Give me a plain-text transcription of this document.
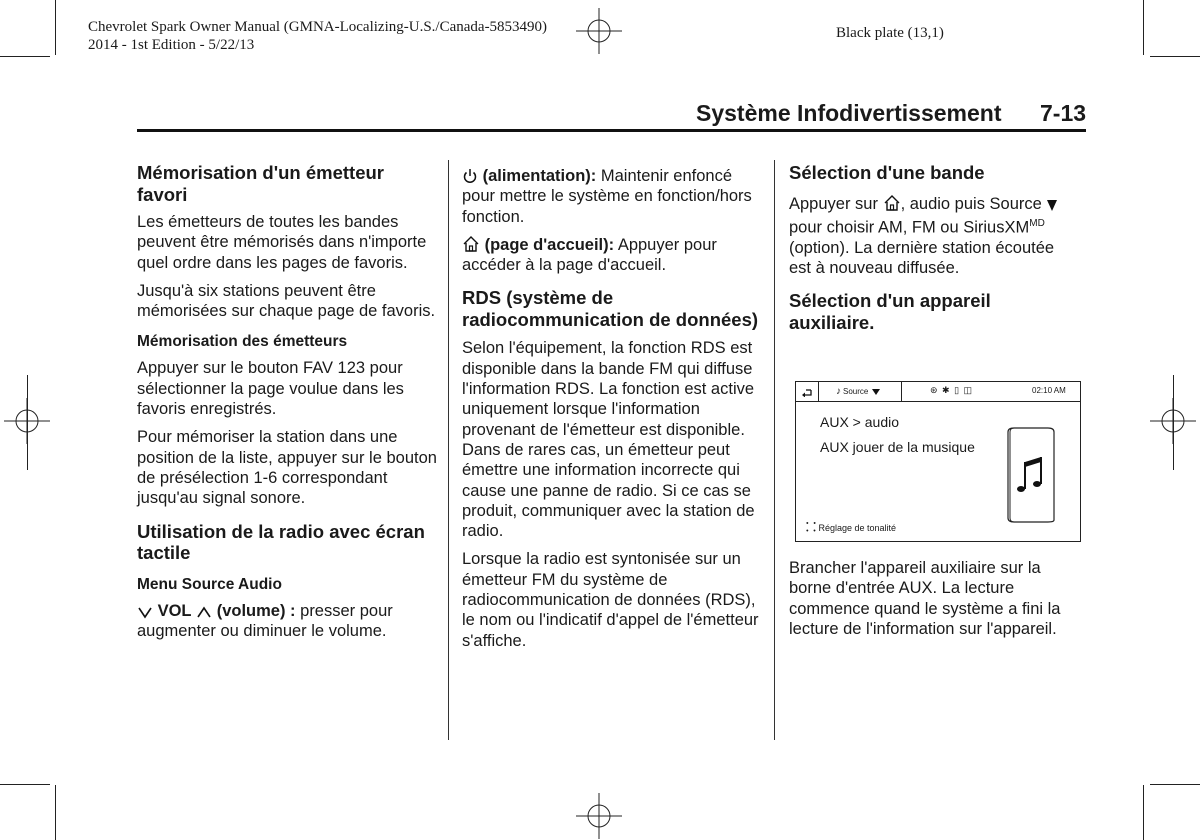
Chevrolet Spark Owner Manual (GMNA-Localizing-U.S./Canada-5853490)
2014 - 1st Edition - 5/22/13
Black plate (13,1)
Système Infodivertissement 7-13

Mémorisation d'un émetteur favori

Les émetteurs de toutes les bandes peuvent être mémorisés dans n'importe quel ordre dans les pages de favoris.

Jusqu'à six stations peuvent être mémorisées sur chaque page de favoris.

Mémorisation des émetteurs

Appuyer sur le bouton FAV 123 pour sélectionner la page voulue dans les favoris enregistrés.

Pour mémoriser la station dans une position de la liste, appuyer sur le bouton de présélection 1-6 correspondant jusqu'au signal sonore.

Utilisation de la radio avec écran tactile

Menu Source Audio

VOL (volume) : presser pour augmenter ou diminuer le volume.

(alimentation): Maintenir enfoncé pour mettre le système en fonction/hors fonction.

(page d'accueil): Appuyer pour accéder à la page d'accueil.

RDS (système de radiocommunication de données)

Selon l'équipement, la fonction RDS est disponible dans la bande FM qui diffuse l'information RDS. La fonction est active uniquement lorsque l'information provenant de l'émetteur est disponible. Dans de rares cas, un émetteur peut émettre une information incorrecte qui cause une panne de radio. Si ce cas se produit, communiquer avec la station de radio.

Lorsque la radio est syntonisée sur un émetteur FM du système de radiocommunication de données (RDS), le nom ou l'indicatif d'appel de l'émetteur s'affiche.

Sélection d'une bande

Appuyer sur , audio puis Source  pour choisir AM, FM ou SiriusXM$^{MD}$ (option). La dernière station écoutée est à nouveau diffusée.

Sélection d'un appareil auxiliaire.

♪ Source	⊛ ✱ ▯ ◫	02:10 AM
AUX > audio
AUX jouer de la musique
⸬ Réglage de tonalité

Brancher l'appareil auxiliaire sur la borne d'entrée AUX. La lecture commence quand le système a fini la lecture de l'information sur l'appareil.
